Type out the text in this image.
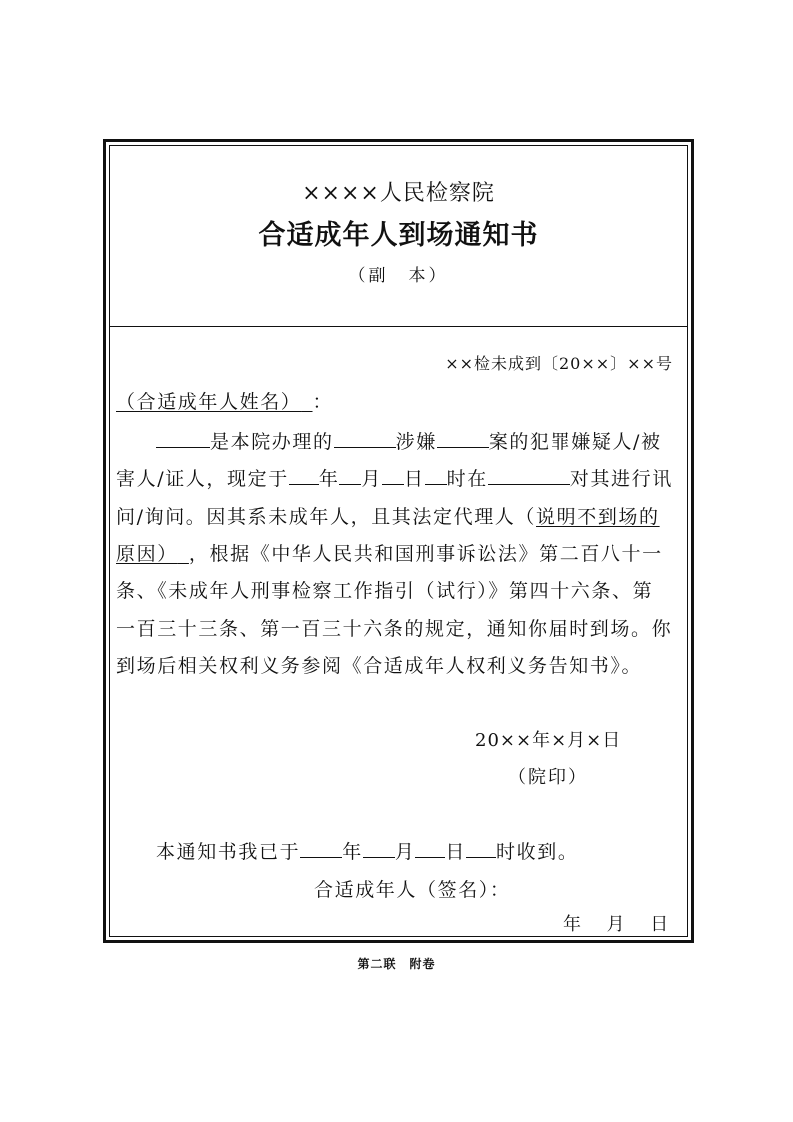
××××人民检察院
合适成年人到场通知书
（副　本）
××检未成到〔20××〕××号
（合适成年人姓名）  ：
是本院办理的	涉嫌	案的犯罪嫌疑人/被
害人/证人，现定于 年 月 日 时在	对其进行讯
问/询问。因其系未成年人，且其法定代理人（说明不到场的
原因）  ，根据《中华人民共和国刑事诉讼法》第二百八十一
条、《未成年人刑事检察工作指引（试行）》第四十六条、第
一百三十三条、第一百三十六条的规定，通知你届时到场。你
到场后相关权利义务参阅《合适成年人权利义务告知书》。
20××年×月×日
（院印）
本通知书我已于 年 月 日 时收到。
合适成年人（签名）：
年 月 日
第二联　附卷
